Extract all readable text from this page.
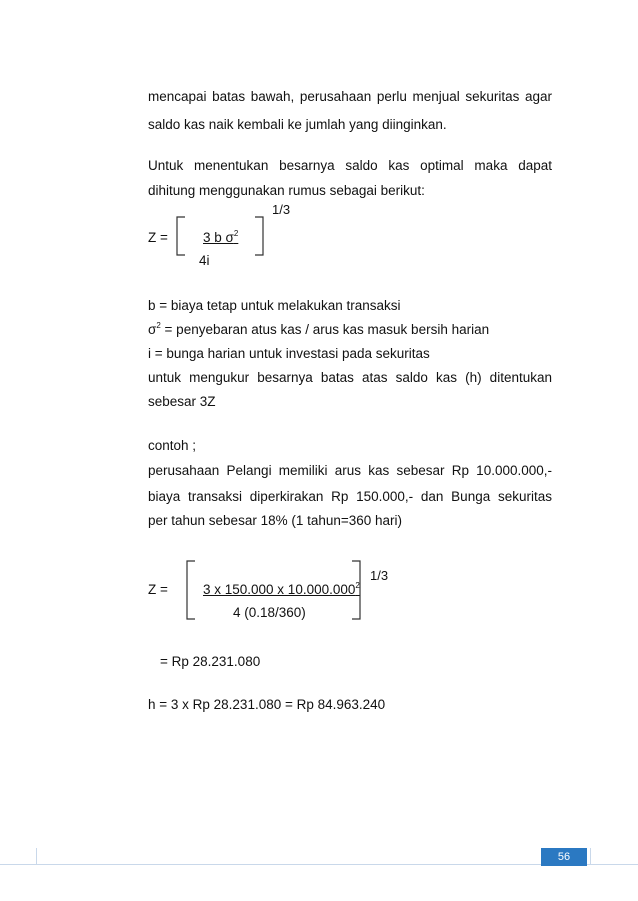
mencapai batas bawah, perusahaan perlu menjual sekuritas agar
saldo kas naik kembali ke jumlah yang diinginkan.
Untuk menentukan besarnya saldo kas optimal maka dapat
dihitung menggunakan rumus sebagai berikut:
1/3
Z =	3 b $\sigma^2$
4i
b = biaya tetap untuk melakukan transaksi
$\sigma^2$ = penyebaran atus kas / arus kas masuk bersih harian
i = bunga harian untuk investasi pada sekuritas
untuk mengukur besarnya batas atas saldo kas (h) ditentukan
sebesar 3Z
contoh ;
perusahaan Pelangi memiliki arus kas sebesar Rp 10.000.000,-
biaya transaksi diperkirakan Rp 150.000,- dan Bunga sekuritas
per tahun sebesar 18% (1 tahun=360 hari)
1/3
Z =	3 x 150.000 x 10.000.000$^2$
4 (0.18/360)
= Rp 28.231.080
h = 3 x Rp 28.231.080 = Rp 84.963.240
56
